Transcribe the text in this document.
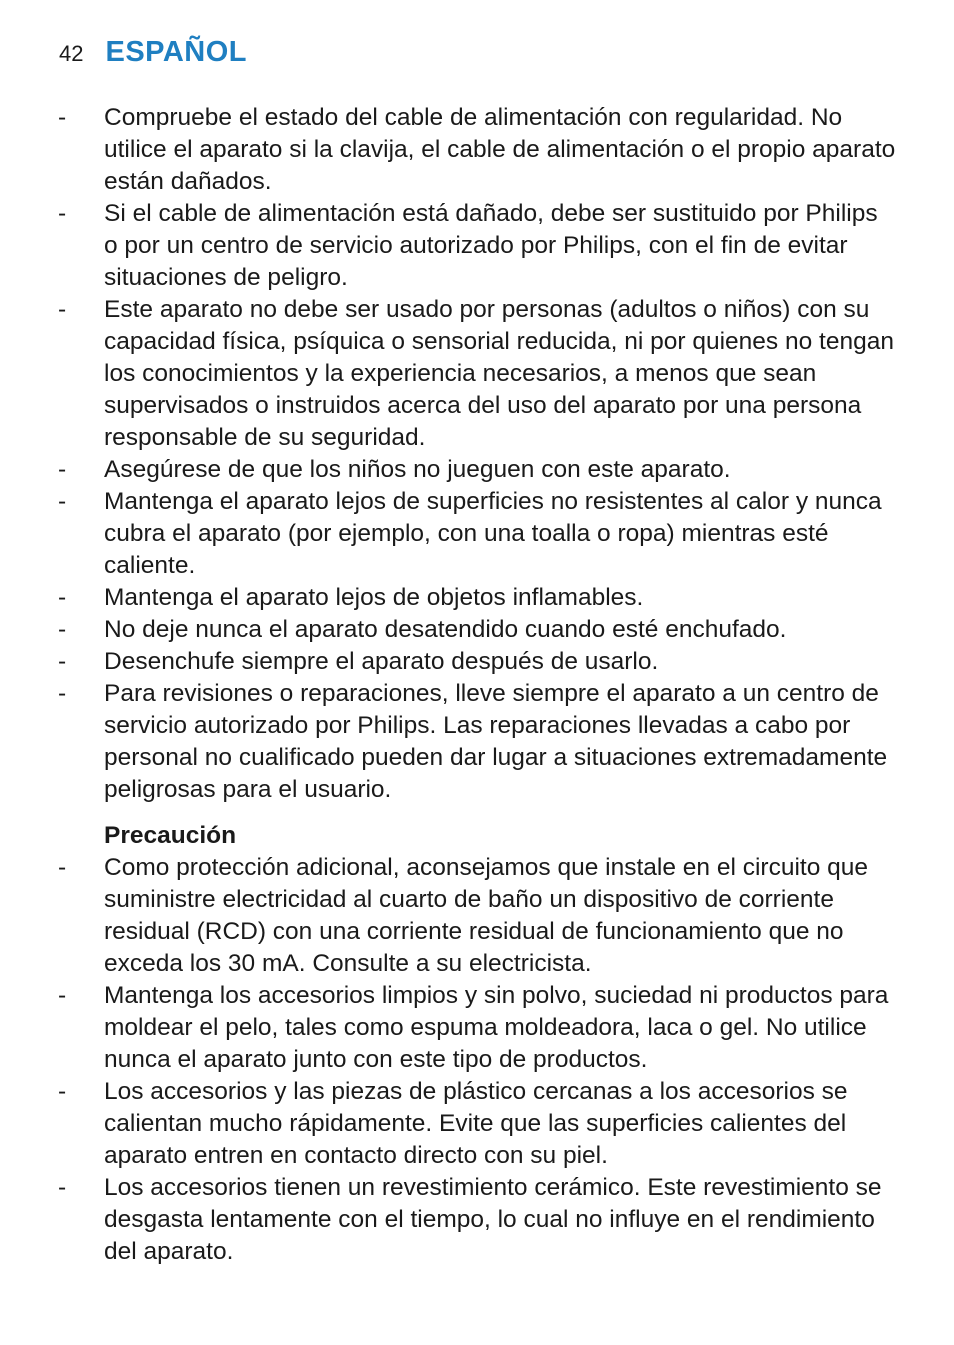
42 ESPAÑOL
-	Compruebe el estado del cable de alimentación con regularidad. No utilice el aparato si la clavija, el cable de alimentación o el propio aparato están dañados.
-	Si el cable de alimentación está dañado, debe ser sustituido por Philips o por un centro de servicio autorizado por Philips, con el fin de evitar situaciones de peligro.
-	Este aparato no debe ser usado por personas (adultos o niños) con su capacidad física, psíquica o sensorial reducida, ni por quienes no tengan los conocimientos y la experiencia necesarios, a menos que sean supervisados o instruidos acerca del uso del aparato por una persona responsable de su seguridad.
-	Asegúrese de que los niños no jueguen con este aparato.
-	Mantenga el aparato lejos de superficies no resistentes al calor y nunca cubra el aparato (por ejemplo, con una toalla o ropa) mientras esté caliente.
-	Mantenga el aparato lejos de objetos inflamables.
-	No deje nunca el aparato desatendido cuando esté enchufado.
-	Desenchufe siempre el aparato después de usarlo.
-	Para revisiones o reparaciones, lleve siempre el aparato a un centro de servicio autorizado por Philips. Las reparaciones llevadas a cabo por personal no cualificado pueden dar lugar a situaciones extremadamente peligrosas para el usuario.
Precaución
-	Como protección adicional, aconsejamos que instale en el circuito que suministre electricidad al cuarto de baño un dispositivo de corriente residual (RCD) con una corriente residual de funcionamiento que no exceda los 30 mA. Consulte a su electricista.
-	Mantenga los accesorios limpios y sin polvo, suciedad ni productos para moldear el pelo, tales como espuma moldeadora, laca o gel. No utilice nunca el aparato junto con este tipo de productos.
-	Los accesorios y las piezas de plástico cercanas a los accesorios se calientan mucho rápidamente. Evite que las superficies calientes del aparato entren en contacto directo con su piel.
-	Los accesorios tienen un revestimiento cerámico. Este revestimiento se desgasta lentamente con el tiempo, lo cual no influye en el rendimiento del aparato.
